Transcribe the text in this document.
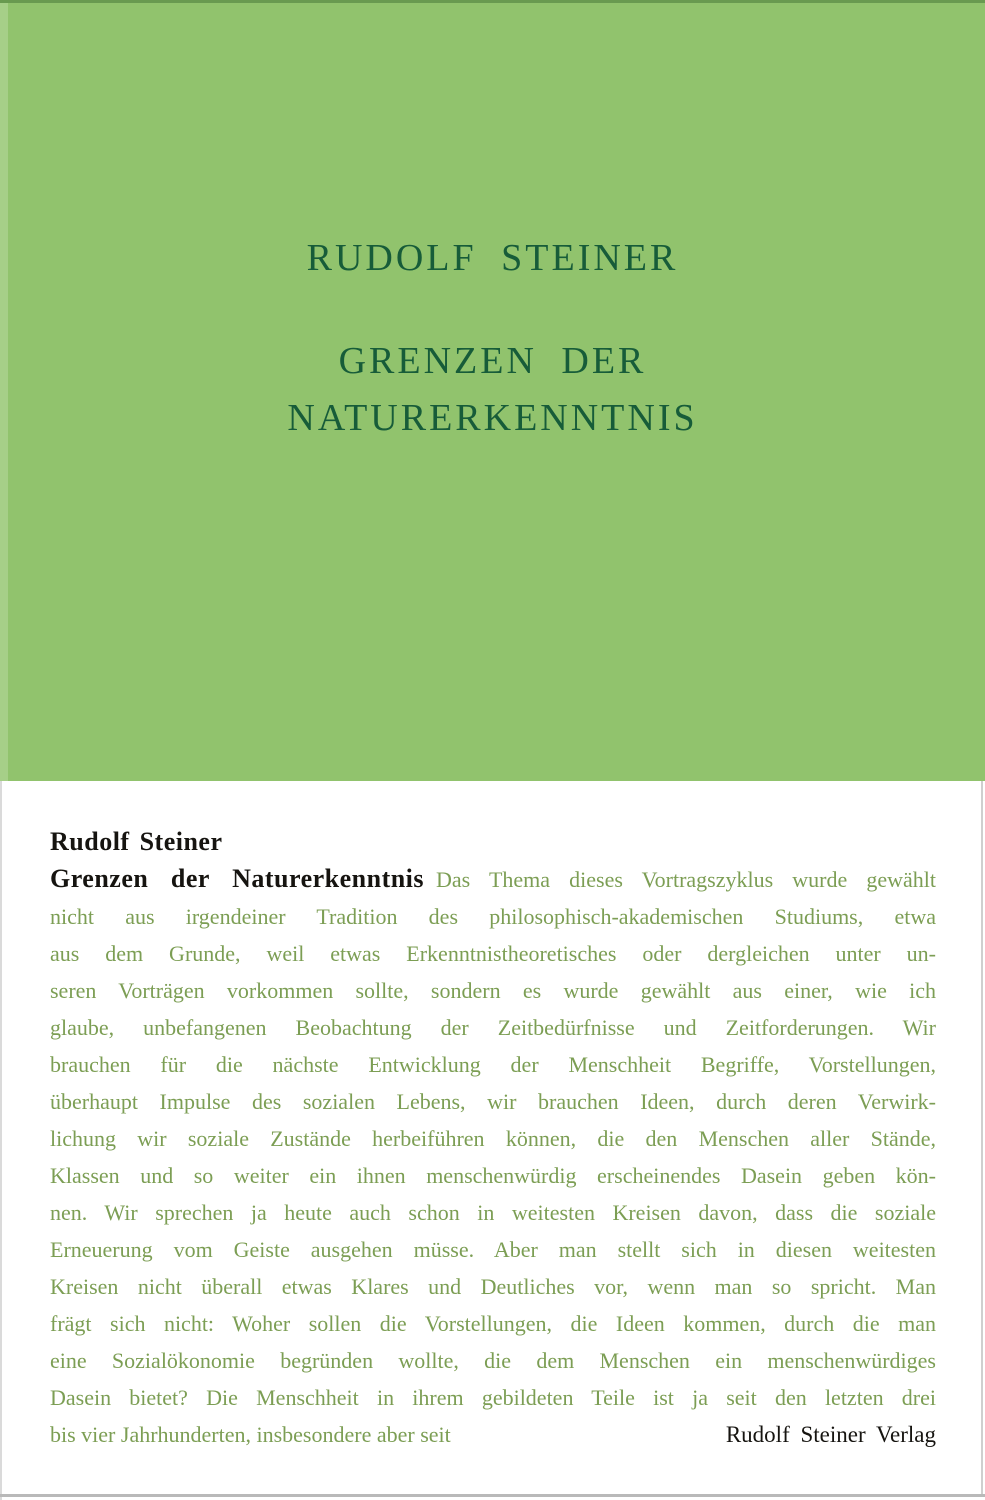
RUDOLF STEINER
GRENZEN DER
NATURERKENNTNIS
Rudolf Steiner
Grenzen der Naturerkenntnis Das Thema dieses Vortragszyklus wurde gewählt
nicht aus irgendeiner Tradition des philosophisch-akademischen Studiums, etwa
aus dem Grunde, weil etwas Erkenntnistheoretisches oder dergleichen unter un-
seren Vorträgen vorkommen sollte, sondern es wurde gewählt aus einer, wie ich
glaube, unbefangenen Beobachtung der Zeitbedürfnisse und Zeitforderungen. Wir
brauchen für die nächste Entwicklung der Menschheit Begriffe, Vorstellungen,
überhaupt Impulse des sozialen Lebens, wir brauchen Ideen, durch deren Verwirk-
lichung wir soziale Zustände herbeiführen können, die den Menschen aller Stände,
Klassen und so weiter ein ihnen menschenwürdig erscheinendes Dasein geben kön-
nen. Wir sprechen ja heute auch schon in weitesten Kreisen davon, dass die soziale
Erneuerung vom Geiste ausgehen müsse. Aber man stellt sich in diesen weitesten
Kreisen nicht überall etwas Klares und Deutliches vor, wenn man so spricht. Man
frägt sich nicht: Woher sollen die Vorstellungen, die Ideen kommen, durch die man
eine Sozialökonomie begründen wollte, die dem Menschen ein menschenwürdiges
Dasein bietet? Die Menschheit in ihrem gebildeten Teile ist ja seit den letzten drei
bis vier Jahrhunderten, insbesondere aber seit	Rudolf Steiner Verlag
